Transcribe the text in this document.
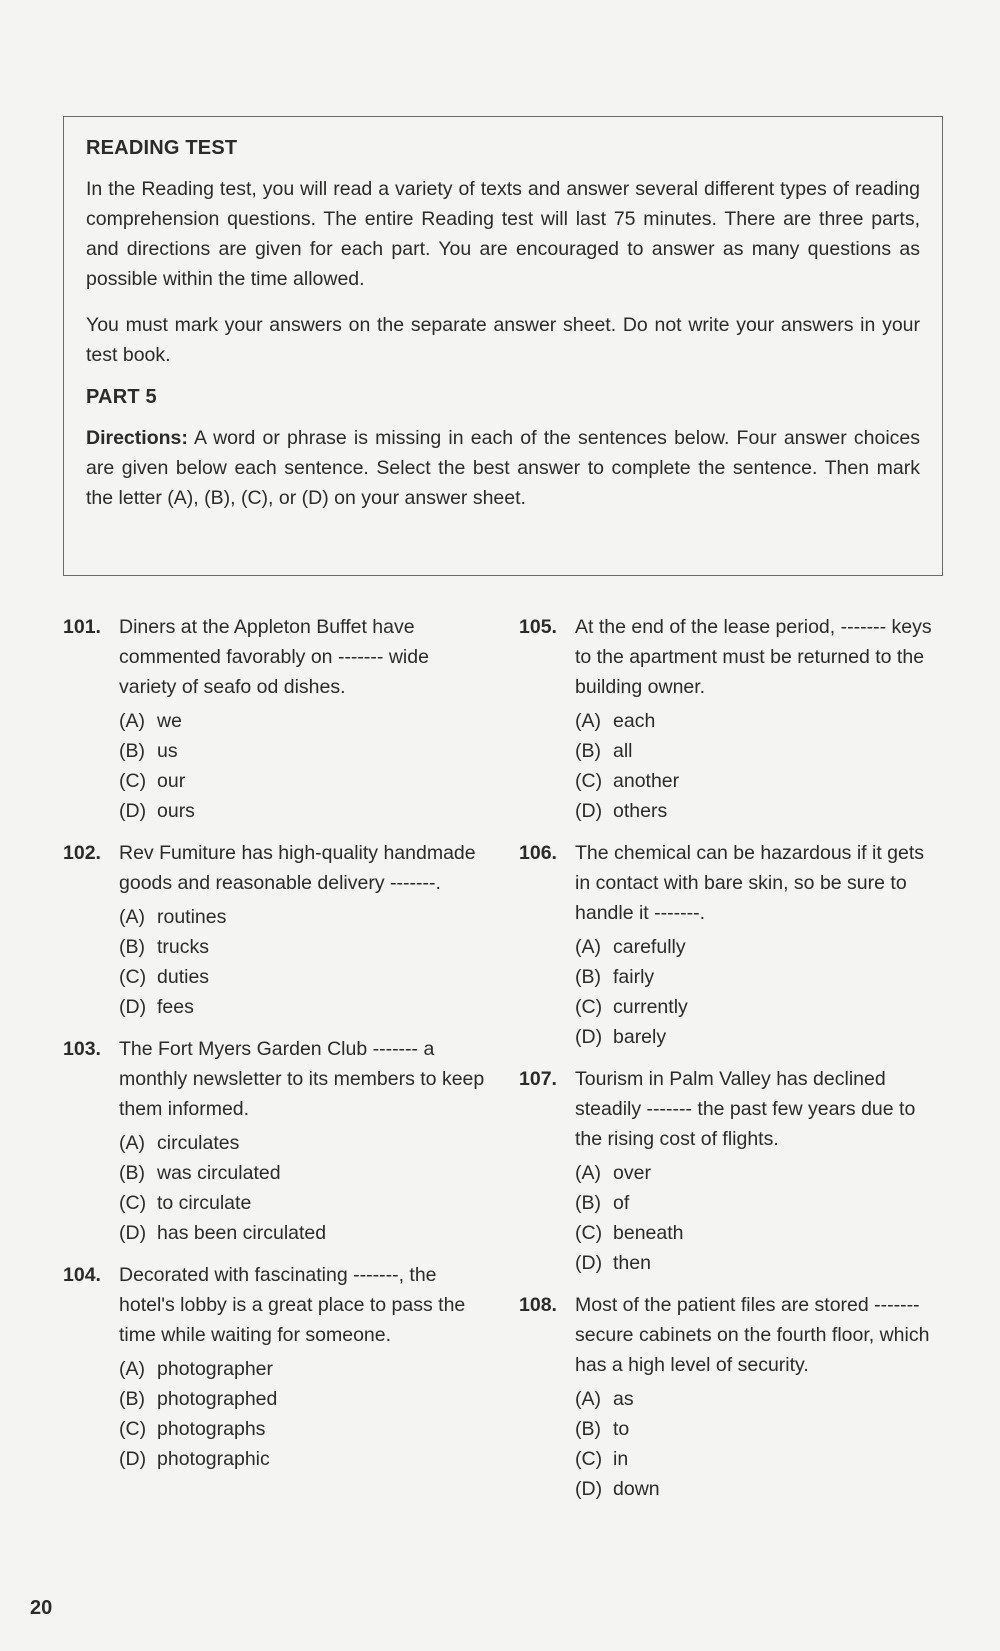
READING TEST

In the Reading test, you will read a variety of texts and answer several different types of reading comprehension questions. The entire Reading test will last 75 minutes. There are three parts, and directions are given for each part. You are encouraged to answer as many questions as possible within the time allowed.

You must mark your answers on the separate answer sheet. Do not write your answers in your test book.

PART 5

Directions: A word or phrase is missing in each of the sentences below. Four answer choices are given below each sentence. Select the best answer to complete the sentence. Then mark the letter (A), (B), (C), or (D) on your answer sheet.

101. Diners at the Appleton Buffet have commented favorably on ------- wide variety of seafo od dishes.

(A) we
(B) us
(C) our
(D) ours
102. Rev Fumiture has high-quality handmade goods and reasonable delivery -------.

(A) routines
(B) trucks
(C) duties
(D) fees
103. The Fort Myers Garden Club ------- a monthly newsletter to its members to keep them informed.

(A) circulates
(B) was circulated
(C) to circulate
(D) has been circulated
104. Decorated with fascinating -------, the hotel's lobby is a great place to pass the time while waiting for someone.

(A) photographer
(B) photographed
(C) photographs
(D) photographic
105. At the end of the lease period, ------- keys to the apartment must be returned to the building owner.

(A) each
(B) all
(C) another
(D) others
106. The chemical can be hazardous if it gets in contact with bare skin, so be sure to handle it -------.

(A) carefully
(B) fairly
(C) currently
(D) barely
107. Tourism in Palm Valley has declined steadily ------- the past few years due to the rising cost of flights.

(A) over
(B) of
(C) beneath
(D) then
108. Most of the patient files are stored ------- secure cabinets on the fourth floor, which has a high level of security.

(A) as
(B) to
(C) in
(D) down
20
